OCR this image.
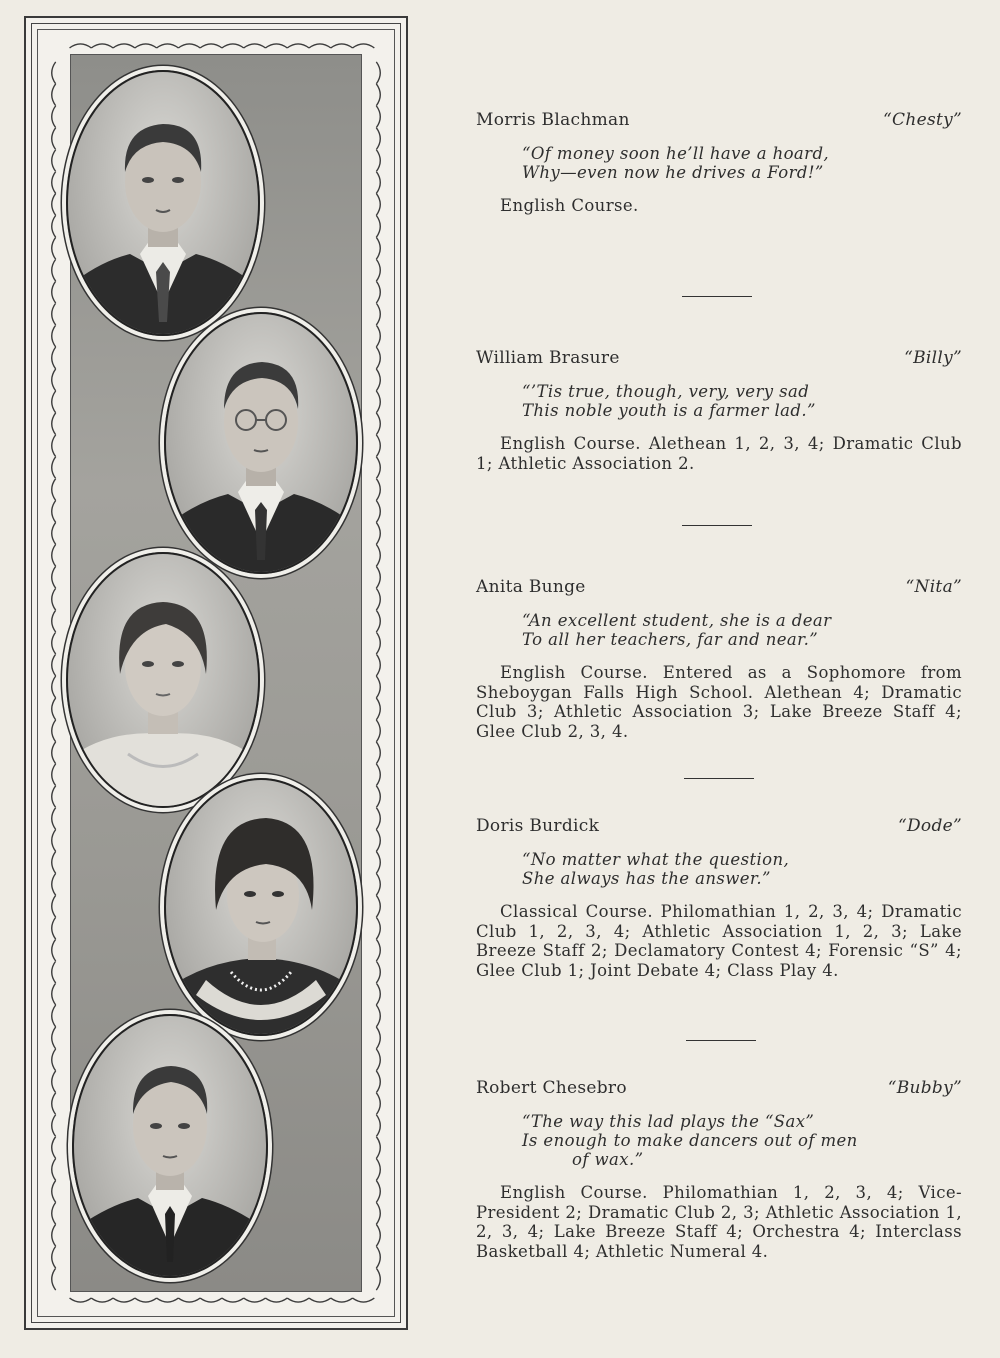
Morris Blachman	“Chesty”
“Of money soon he’ll have a hoard,
Why—even now he drives a Ford!”
English Course.
William Brasure	“Billy”
“’Tis true, though, very, very sad
This noble youth is a farmer lad.”
English Course. Alethean 1, 2, 3, 4; Dramatic Club 1; Athletic Association 2.
Anita Bunge	“Nita”
“An excellent student, she is a dear
To all her teachers, far and near.”
English Course. Entered as a Sophomore from Sheboygan Falls High School. Alethean 4; Dramatic Club 3; Athletic Association 3; Lake Breeze Staff 4; Glee Club 2, 3, 4.
Doris Burdick	“Dode”
“No matter what the question,
She always has the answer.”
Classical Course. Philomathian 1, 2, 3, 4; Dramatic Club 1, 2, 3, 4; Athletic Association 1, 2, 3; Lake Breeze Staff 2; Declamatory Contest 4; Forensic “S” 4; Glee Club 1; Joint Debate 4; Class Play 4.
Robert Chesebro	“Bubby”
“The way this lad plays the “Sax”
Is enough to make dancers out of men
of wax.”
English Course. Philomathian 1, 2, 3, 4; Vice-President 2; Dramatic Club 2, 3; Athletic Association 1, 2, 3, 4; Lake Breeze Staff 4; Orchestra 4; Interclass Basketball 4; Athletic Numeral 4.
